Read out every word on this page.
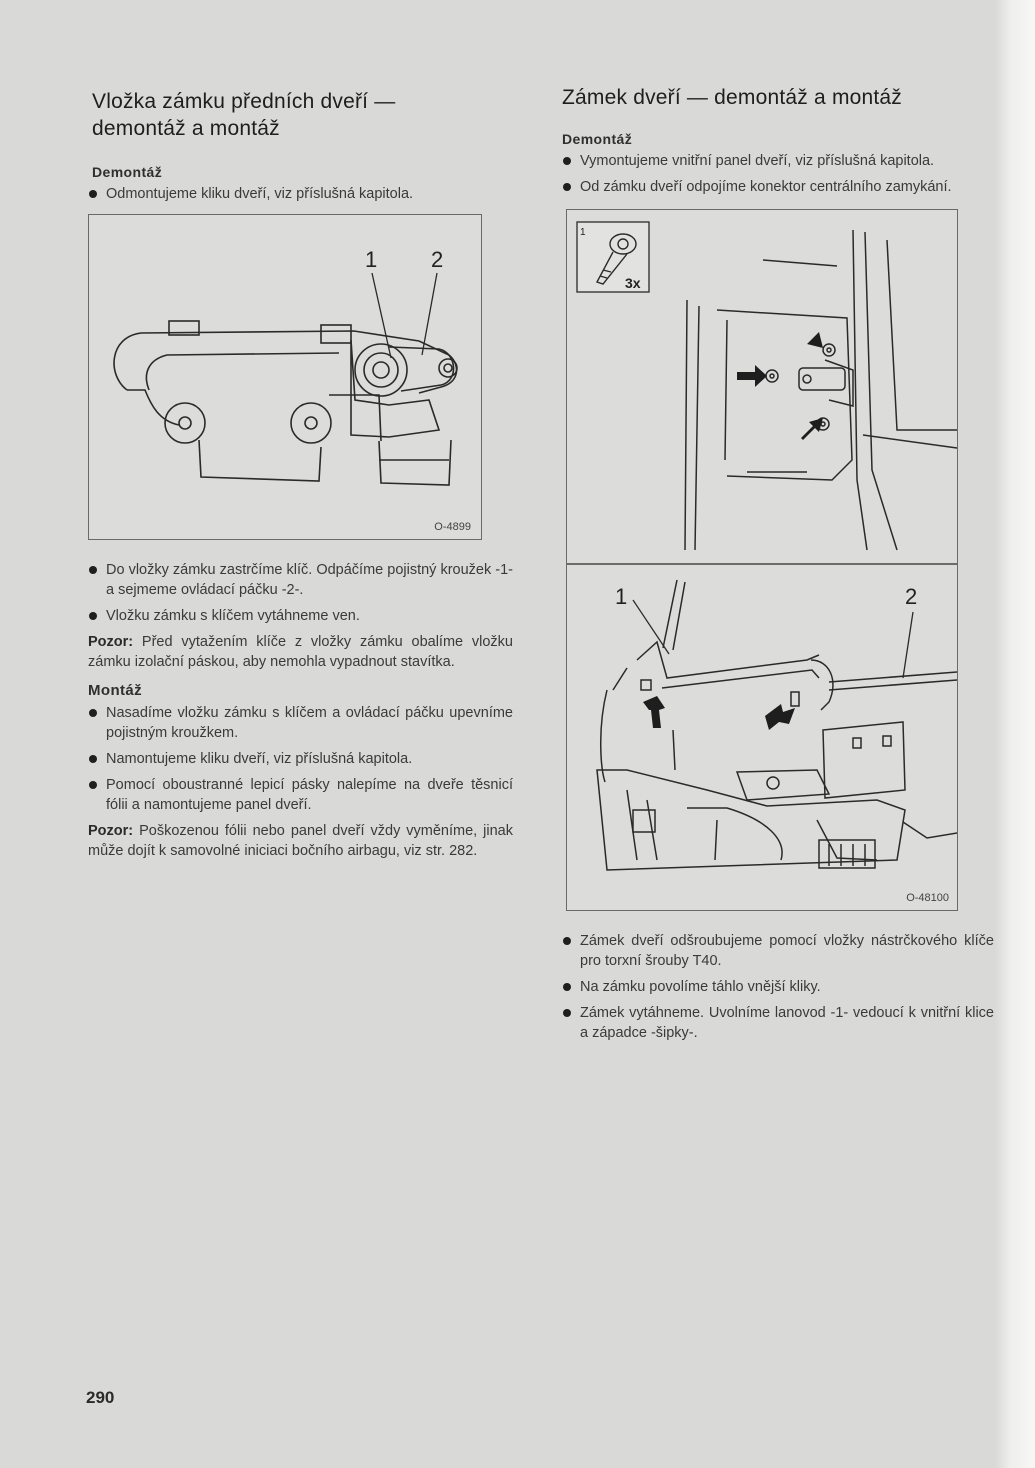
Vložka zámku předních dveří —
demontáž a montáž
Demontáž
Odmontujeme kliku dveří, viz příslušná kapitola.
1 2
O-4899
Do vložky zámku zastrčíme klíč. Odpáčíme pojistný kroužek -1- a sejmeme ovládací páčku -2-.
Vložku zámku s klíčem vytáhneme ven.

Pozor: Před vytažením klíče z vložky zámku obalíme vložku zámku izolační páskou, aby nemohla vypadnout stavítka.

Montáž
Nasadíme vložku zámku s klíčem a ovládací páčku upevníme pojistným kroužkem.
Namontujeme kliku dveří, viz příslušná kapitola.
Pomocí oboustranné lepicí pásky nalepíme na dveře těsnicí fólii a namontujeme panel dveří.

Pozor: Poškozenou fólii nebo panel dveří vždy vyměníme, jinak může dojít k samovolné iniciaci bočního airbagu, viz str. 282.

Zámek dveří — demontáž a montáž
Demontáž
Vymontujeme vnitřní panel dveří, viz příslušná kapitola.
Od zámku dveří odpojíme konektor centrálního zamykání.
1
3x
1	2
O-48100
Zámek dveří odšroubujeme pomocí vložky nástrčkového klíče pro torxní šrouby T40.
Na zámku povolíme táhlo vnější kliky.
Zámek vytáhneme. Uvolníme lanovod -1- vedoucí k vnitřní klice a západce -šipky-.
290
